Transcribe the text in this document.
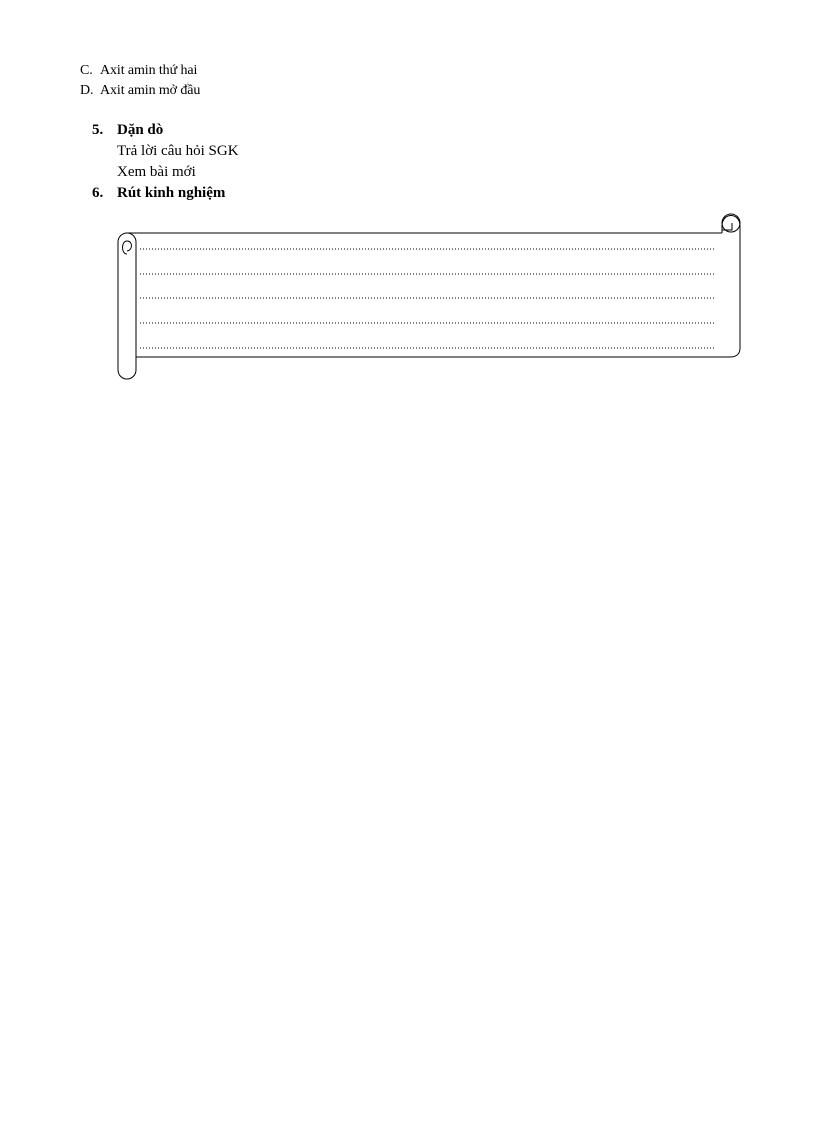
C. Axit amin thứ hai
D. Axit amin mở đầu
5. Dặn dò
Trả lời câu hỏi SGK
Xem bài mới
6. Rút kinh nghiệm
